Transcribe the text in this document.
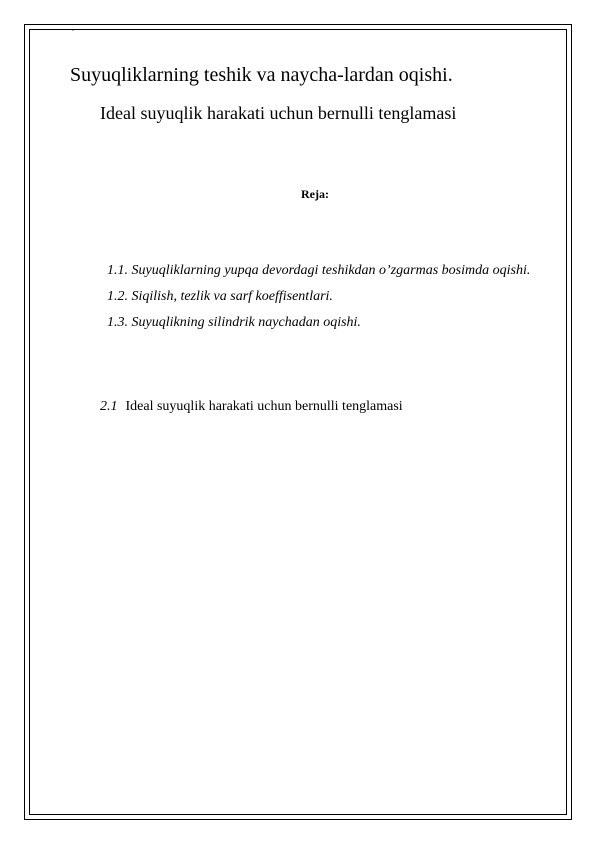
`
Suyuqliklarning teshik va naycha-lardan oqishi.
Ideal suyuqlik harakati uchun bernulli tenglamasi
Reja:
1.1. Suyuqliklarning yupqa devordagi teshikdan o’zgarmas bosimda oqishi.
1.2. Siqilish, tezlik va sarf koeffisentlari.
1.3. Suyuqlikning silindrik naychadan oqishi.
2.1 Ideal suyuqlik harakati uchun bernulli tenglamasi
